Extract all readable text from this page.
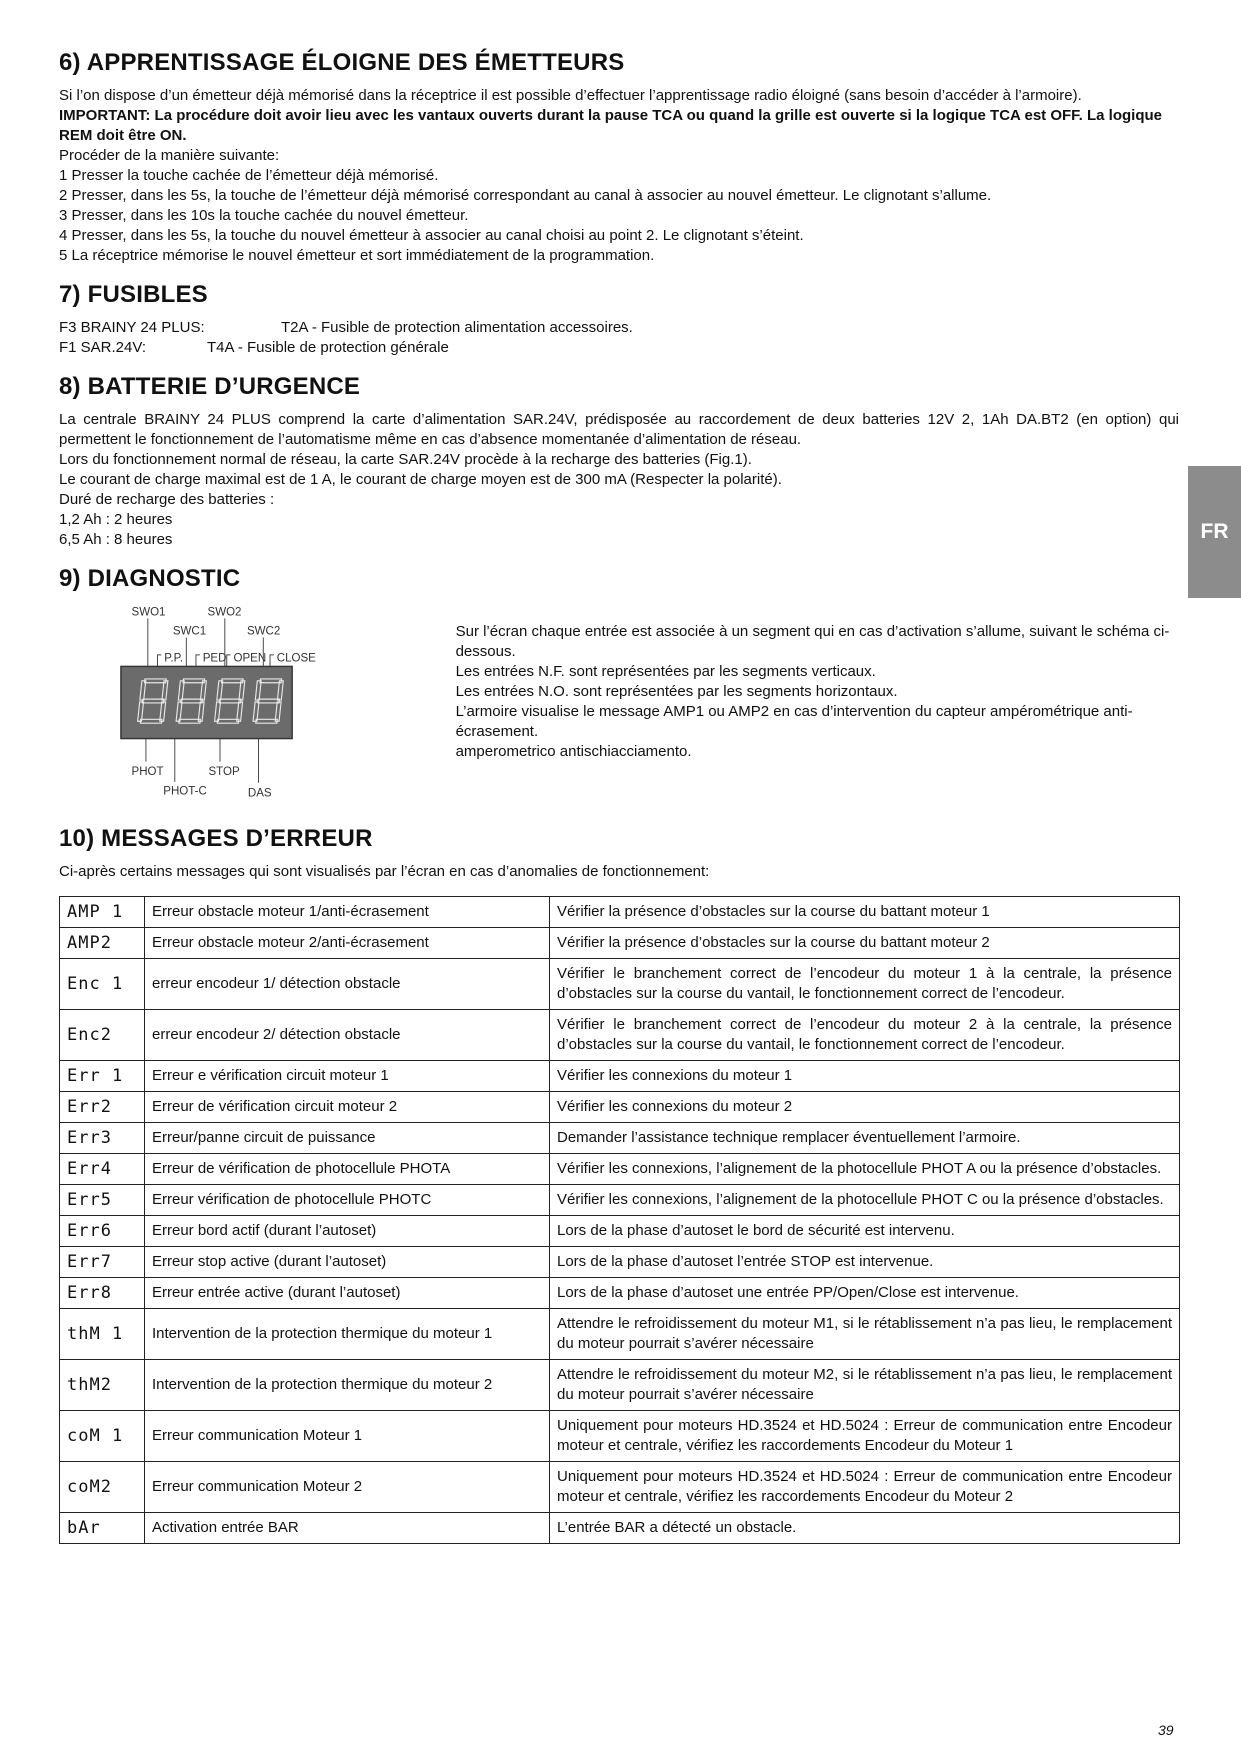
FR
6) APPRENTISSAGE ÉLOIGNE DES ÉMETTEURS

Si l’on dispose d’un émetteur déjà mémorisé dans la réceptrice il est possible d’effectuer l’apprentissage radio éloigné (sans besoin d’accéder à l’armoire).

IMPORTANT: La procédure doit avoir lieu avec les vantaux ouverts durant la pause TCA ou quand la grille est ouverte si la logique TCA est OFF. La logique REM doit être ON.

Procéder de la manière suivante:

1 Presser la touche cachée de l’émetteur déjà mémorisé.

2 Presser, dans les 5s, la touche de l’émetteur déjà mémorisé correspondant au canal à associer au nouvel émetteur. Le clignotant s’allume.

3 Presser, dans les 10s la touche cachée du nouvel émetteur.

4 Presser, dans les 5s, la touche du nouvel émetteur à associer au canal choisi au point 2. Le clignotant s’éteint.

5 La réceptrice mémorise le nouvel émetteur et sort immédiatement de la programmation.

7) FUSIBLES
F3 BRAINY 24 PLUS:	T2A - Fusible de protection alimentation accessoires.
F1 SAR.24V:	T4A - Fusible de protection générale
8) BATTERIE D’URGENCE

La centrale BRAINY 24 PLUS comprend la carte d’alimentation SAR.24V, prédisposée au raccordement de deux batteries 12V 2, 1Ah DA.BT2 (en option) qui permettent le fonctionnement de l’automatisme même en cas d’absence momentanée d’alimentation de réseau.

Lors du fonctionnement normal de réseau, la carte SAR.24V procède à la recharge des batteries (Fig.1).

Le courant de charge maximal est de 1 A, le courant de charge moyen est de 300 mA (Respecter la polarité).

Duré de recharge des batteries :

1,2 Ah : 2 heures

6,5 Ah : 8 heures

9) DIAGNOSTIC
SWO1	SWO2
SWC1	SWC2
P.P. PED OPEN CLOSE
PHOT	STOP
PHOT-C	DAS

Sur l’écran chaque entrée est associée à un segment qui en cas d’activation s’allume, suivant le schéma ci-dessous.

Les entrées N.F. sont représentées par les segments verticaux.

Les entrées N.O. sont représentées par les segments horizontaux.

L’armoire visualise le message AMP1 ou AMP2 en cas d’intervention du capteur ampérométrique anti-écrasement.

amperometrico antischiacciamento.

10) MESSAGES D’ERREUR

Ci-après certains messages qui sont visualisés par l’écran en cas d’anomalies de fonctionnement:

AMP 1	Erreur obstacle moteur 1/anti-écrasement	Vérifier la présence d’obstacles sur la course du battant moteur 1
AMP2	Erreur obstacle moteur 2/anti-écrasement	Vérifier la présence d’obstacles sur la course du battant moteur 2
Enc 1	erreur encodeur 1/ détection obstacle	Vérifier le branchement correct de l’encodeur du moteur 1 à la centrale, la présence d’obstacles sur la course du vantail, le fonctionnement correct de l’encodeur.
Enc2	erreur encodeur 2/ détection obstacle	Vérifier le branchement correct de l’encodeur du moteur 2 à la centrale, la présence d’obstacles sur la course du vantail, le fonctionnement correct de l’encodeur.
Err 1	Erreur e vérification circuit moteur 1	Vérifier les connexions du moteur 1
Err2	Erreur de vérification circuit moteur 2	Vérifier les connexions du moteur 2
Err3	Erreur/panne circuit de puissance	Demander l’assistance technique remplacer éventuellement l’armoire.
Err4	Erreur de vérification de photocellule PHOTA	Vérifier les connexions, l’alignement de la photocellule PHOT A ou la présence d’obstacles.
Err5	Erreur vérification de photocellule PHOTC	Vérifier les connexions, l’alignement de la photocellule PHOT C ou la présence d’obstacles.
Err6	Erreur bord actif (durant l’autoset)	Lors de la phase d’autoset le bord de sécurité est intervenu.
Err7	Erreur stop active (durant l’autoset)	Lors de la phase d’autoset l’entrée STOP est intervenue.
Err8	Erreur entrée active (durant l’autoset)	Lors de la phase d’autoset une entrée PP/Open/Close est intervenue.
thM 1	Intervention de la protection thermique du moteur 1	Attendre le refroidissement du moteur M1, si le rétablissement n’a pas lieu, le remplacement du moteur pourrait s’avérer nécessaire
thM2	Intervention de la protection thermique du moteur 2	Attendre le refroidissement du moteur M2, si le rétablissement n’a pas lieu, le remplacement du moteur pourrait s’avérer nécessaire
coM 1	Erreur communication Moteur 1	Uniquement pour moteurs HD.3524 et HD.5024 : Erreur de communication entre Encodeur moteur et centrale, vérifiez les raccordements Encodeur du Moteur 1
coM2	Erreur communication Moteur 2	Uniquement pour moteurs HD.3524 et HD.5024 : Erreur de communication entre Encodeur moteur et centrale, vérifiez les raccordements Encodeur du Moteur 2
bAr	Activation entrée BAR	L’entrée BAR a détecté un obstacle.
39
